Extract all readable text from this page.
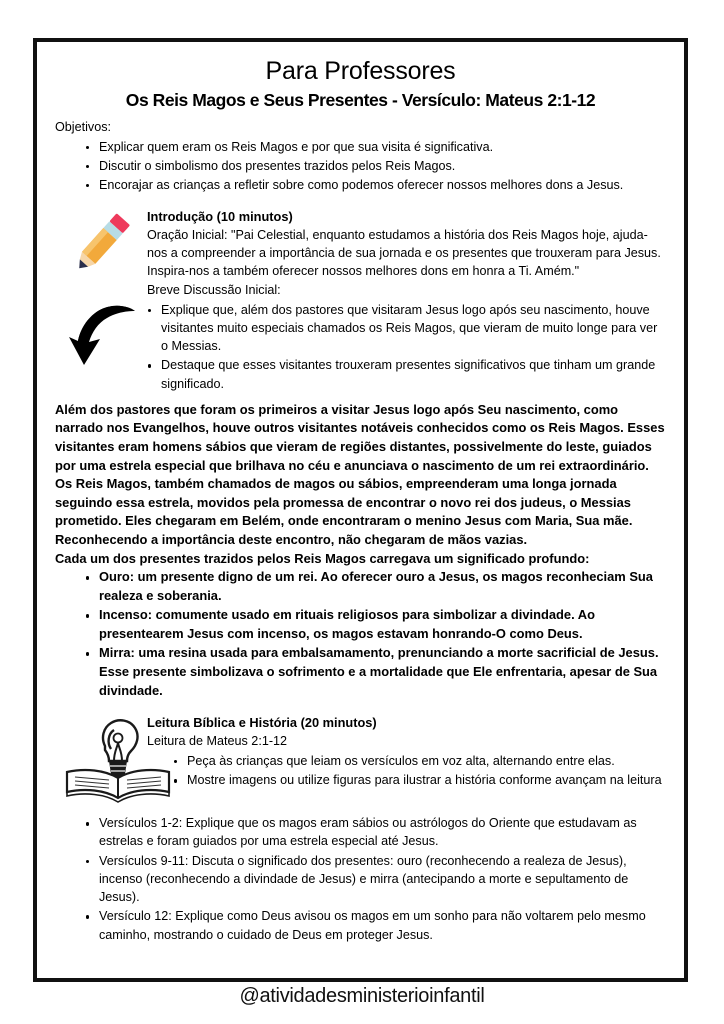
Para Professores
Os Reis Magos e Seus Presentes - Versículo: Mateus 2:1-12
Objetivos:
Explicar quem eram os Reis Magos e por que sua visita é significativa.
Discutir o simbolismo dos presentes trazidos pelos Reis Magos.
Encorajar as crianças a refletir sobre como podemos oferecer nossos melhores dons a Jesus.
Introdução (10 minutos)
Oração Inicial: "Pai Celestial, enquanto estudamos a história dos Reis Magos hoje, ajuda-nos a compreender a importância de sua jornada e os presentes que trouxeram para Jesus. Inspira-nos a também oferecer nossos melhores dons em honra a Ti. Amém."
Breve Discussão Inicial:
Explique que, além dos pastores que visitaram Jesus logo após seu nascimento, houve visitantes muito especiais chamados os Reis Magos, que vieram de muito longe para ver o Messias.
Destaque que esses visitantes trouxeram presentes significativos que tinham um grande significado.

Além dos pastores que foram os primeiros a visitar Jesus logo após Seu nascimento, como narrado nos Evangelhos, houve outros visitantes notáveis conhecidos como os Reis Magos. Esses visitantes eram homens sábios que vieram de regiões distantes, possivelmente do leste, guiados por uma estrela especial que brilhava no céu e anunciava o nascimento de um rei extraordinário.

Os Reis Magos, também chamados de magos ou sábios, empreenderam uma longa jornada seguindo essa estrela, movidos pela promessa de encontrar o novo rei dos judeus, o Messias prometido. Eles chegaram em Belém, onde encontraram o menino Jesus com Maria, Sua mãe. Reconhecendo a importância deste encontro, não chegaram de mãos vazias.

Cada um dos presentes trazidos pelos Reis Magos carregava um significado profundo:

Ouro: um presente digno de um rei. Ao oferecer ouro a Jesus, os magos reconheciam Sua realeza e soberania.
Incenso: comumente usado em rituais religiosos para simbolizar a divindade. Ao presentearem Jesus com incenso, os magos estavam honrando-O como Deus.
Mirra: uma resina usada para embalsamamento, prenunciando a morte sacrificial de Jesus. Esse presente simbolizava o sofrimento e a mortalidade que Ele enfrentaria, apesar de Sua divindade.
Leitura Bíblica e História (20 minutos)
Leitura de Mateus 2:1-12
Peça às crianças que leiam os versículos em voz alta, alternando entre elas.
Mostre imagens ou utilize figuras para ilustrar a história conforme avançam na leitura
Versículos 1-2: Explique que os magos eram sábios ou astrólogos do Oriente que estudavam as estrelas e foram guiados por uma estrela especial até Jesus.
Versículos 9-11: Discuta o significado dos presentes: ouro (reconhecendo a realeza de Jesus), incenso (reconhecendo a divindade de Jesus) e mirra (antecipando a morte e sepultamento de Jesus).
Versículo 12: Explique como Deus avisou os magos em um sonho para não voltarem pelo mesmo caminho, mostrando o cuidado de Deus em proteger Jesus.
@atividadesministerioinfantil
